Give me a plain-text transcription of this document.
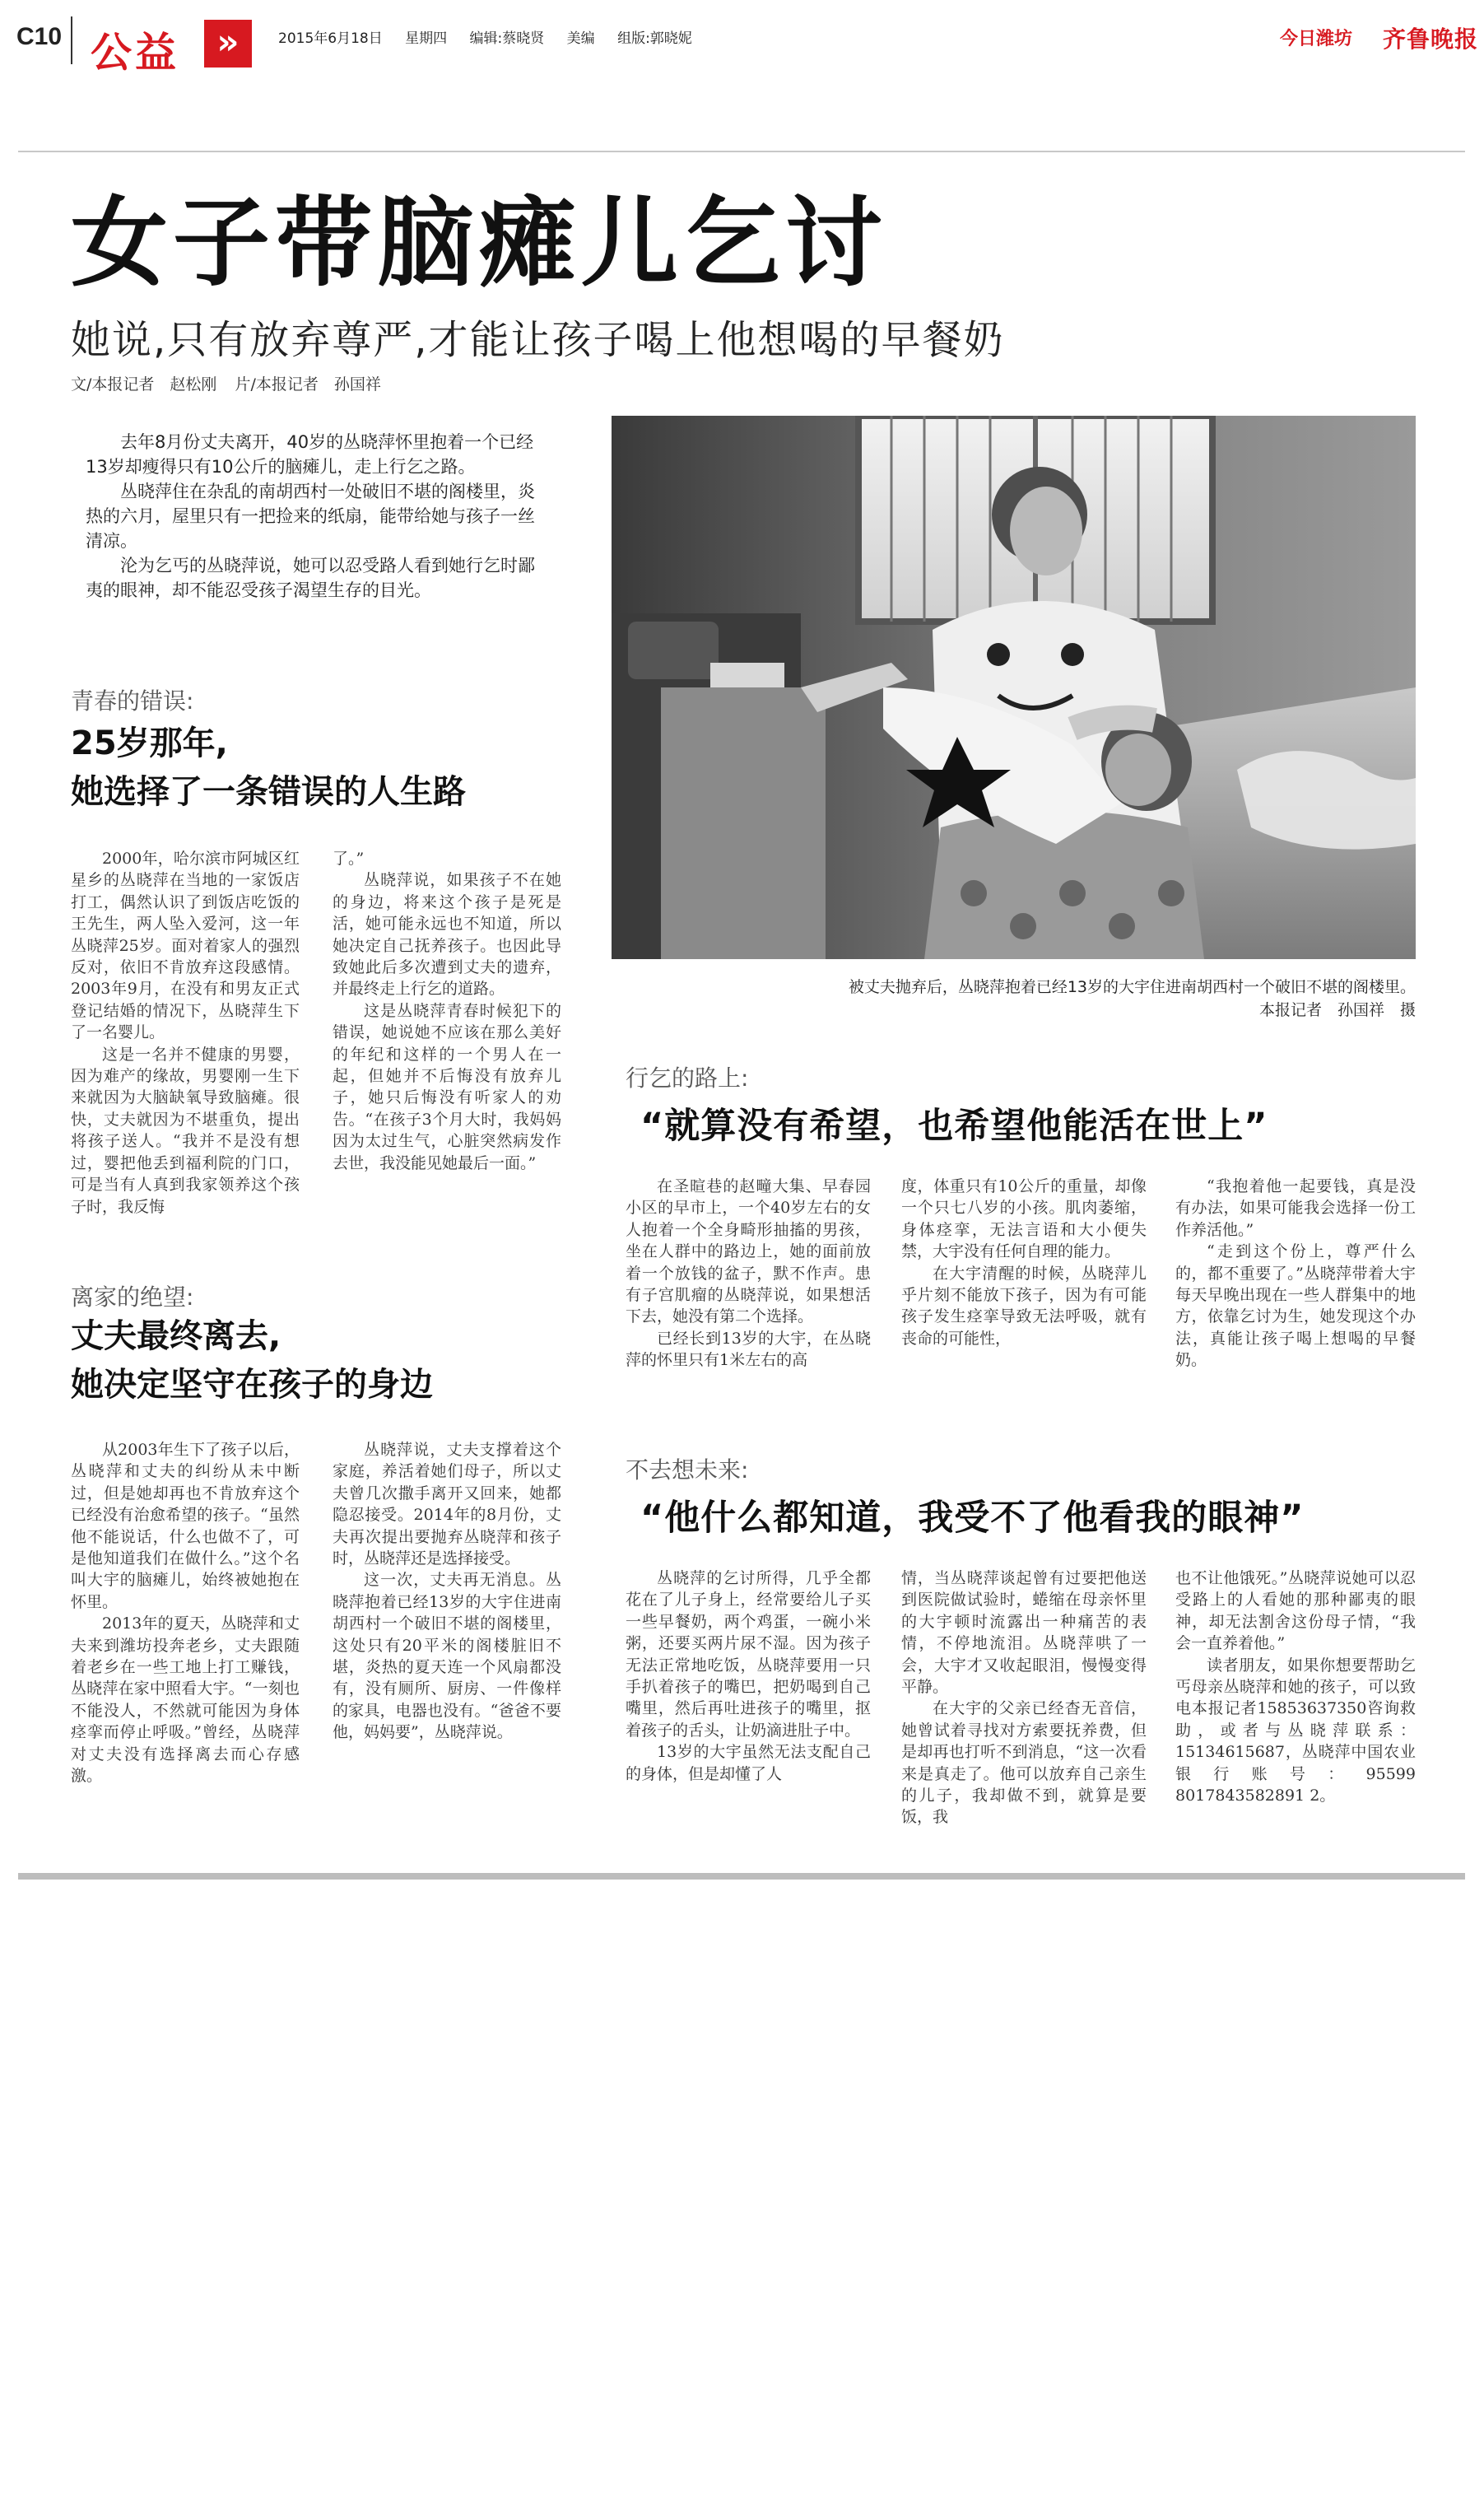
C10 公益	»	2015年6月18日 星期四 编辑:蔡晓贤 美编 组版:郭晓妮	今日潍坊 齐鲁晚报
女子带脑瘫儿乞讨
她说,只有放弃尊严,才能让孩子喝上他想喝的早餐奶
文/本报记者　赵松刚 片/本报记者　孙国祥

去年8月份丈夫离开，40岁的丛晓萍怀里抱着一个已经13岁却瘦得只有10公斤的脑瘫儿，走上行乞之路。

丛晓萍住在杂乱的南胡西村一处破旧不堪的阁楼里，炎热的六月，屋里只有一把捡来的纸扇，能带给她与孩子一丝清凉。

沦为乞丐的丛晓萍说，她可以忍受路人看到她行乞时鄙夷的眼神，却不能忍受孩子渴望生存的目光。

青春的错误:
25岁那年,
她选择了一条错误的人生路

2000年，哈尔滨市阿城区红星乡的丛晓萍在当地的一家饭店打工，偶然认识了到饭店吃饭的王先生，两人坠入爱河，这一年丛晓萍25岁。面对着家人的强烈反对，依旧不肯放弃这段感情。2003年9月，在没有和男友正式登记结婚的情况下，丛晓萍生下了一名婴儿。

这是一名并不健康的男婴，因为难产的缘故，男婴刚一生下来就因为大脑缺氧导致脑瘫。很快，丈夫就因为不堪重负，提出将孩子送人。“我并不是没有想过，婴把他丢到福利院的门口，可是当有人真到我家领养这个孩子时，我反悔

了。”

丛晓萍说，如果孩子不在她的身边，将来这个孩子是死是活，她可能永远也不知道，所以她决定自己抚养孩子。也因此导致她此后多次遭到丈夫的遗弃，并最终走上行乞的道路。

这是丛晓萍青春时候犯下的错误，她说她不应该在那么美好的年纪和这样的一个男人在一起，但她并不后悔没有放弃儿子，她只后悔没有听家人的劝告。“在孩子3个月大时，我妈妈因为太过生气，心脏突然病发作去世，我没能见她最后一面。”

离家的绝望:
丈夫最终离去,
她决定坚守在孩子的身边

从2003年生下了孩子以后，丛晓萍和丈夫的纠纷从未中断过，但是她却再也不肯放弃这个已经没有治愈希望的孩子。“虽然他不能说话，什么也做不了，可是他知道我们在做什么。”这个名叫大宇的脑瘫儿，始终被她抱在怀里。

2013年的夏天，丛晓萍和丈夫来到潍坊投奔老乡，丈夫跟随着老乡在一些工地上打工赚钱，丛晓萍在家中照看大宇。“一刻也不能没人，不然就可能因为身体痉挛而停止呼吸。”曾经，丛晓萍对丈夫没有选择离去而心存感激。

丛晓萍说，丈夫支撑着这个家庭，养活着她们母子，所以丈夫曾几次撒手离开又回来，她都隐忍接受。2014年的8月份，丈夫再次提出要抛弃丛晓萍和孩子时，丛晓萍还是选择接受。

这一次，丈夫再无消息。丛晓萍抱着已经13岁的大宇住进南胡西村一个破旧不堪的阁楼里，这处只有20平米的阁楼脏旧不堪，炎热的夏天连一个风扇都没有，没有厕所、厨房、一件像样的家具，电器也没有。“爸爸不要他，妈妈要”，丛晓萍说。

被丈夫抛弃后，丛晓萍抱着已经13岁的大宇住进南胡西村一个破旧不堪的阁楼里。
本报记者　孙国祥　摄
行乞的路上:
“就算没有希望，也希望他能活在世上”

在圣暄巷的赵疃大集、早春园小区的早市上，一个40岁左右的女人抱着一个全身畸形抽搐的男孩，坐在人群中的路边上，她的面前放着一个放钱的盆子，默不作声。患有子宫肌瘤的丛晓萍说，如果想活下去，她没有第二个选择。

已经长到13岁的大宇，在丛晓萍的怀里只有1米左右的高

度，体重只有10公斤的重量，却像一个只七八岁的小孩。肌肉萎缩，身体痉挛，无法言语和大小便失禁，大宇没有任何自理的能力。

在大宇清醒的时候，丛晓萍儿乎片刻不能放下孩子，因为有可能孩子发生痉挛导致无法呼吸，就有丧命的可能性，

“我抱着他一起要钱，真是没有办法，如果可能我会选择一份工作养活他。”

“走到这个份上，尊严什么的，都不重要了。”丛晓萍带着大宇每天早晚出现在一些人群集中的地方，依靠乞讨为生，她发现这个办法，真能让孩子喝上想喝的早餐奶。

不去想未来:
“他什么都知道，我受不了他看我的眼神”

丛晓萍的乞讨所得，几乎全都花在了儿子身上，经常要给儿子买一些早餐奶，两个鸡蛋，一碗小米粥，还要买两片尿不湿。因为孩子无法正常地吃饭，丛晓萍要用一只手扒着孩子的嘴巴，把奶喝到自己嘴里，然后再吐进孩子的嘴里，抠着孩子的舌头，让奶滴进肚子中。

13岁的大宇虽然无法支配自己的身体，但是却懂了人

情，当丛晓萍谈起曾有过要把他送到医院做试验时，蜷缩在母亲怀里的大宇顿时流露出一种痛苦的表情，不停地流泪。丛晓萍哄了一会，大宇才又收起眼泪，慢慢变得平静。

在大宇的父亲已经杳无音信，她曾试着寻找对方索要抚养费，但是却再也打听不到消息，“这一次看来是真走了。他可以放弃自己亲生的儿子，我却做不到，就算是要饭，我

也不让他饿死。”丛晓萍说她可以忍受路上的人看她的那种鄙夷的眼神，却无法割舍这份母子情，“我会一直养着他。”

读者朋友，如果你想要帮助乞丐母亲丛晓萍和她的孩子，可以致电本报记者15853637350咨询救助，或者与丛晓萍联系：15134615687，丛晓萍中国农业银行账号：95599 8017843582891 2。
